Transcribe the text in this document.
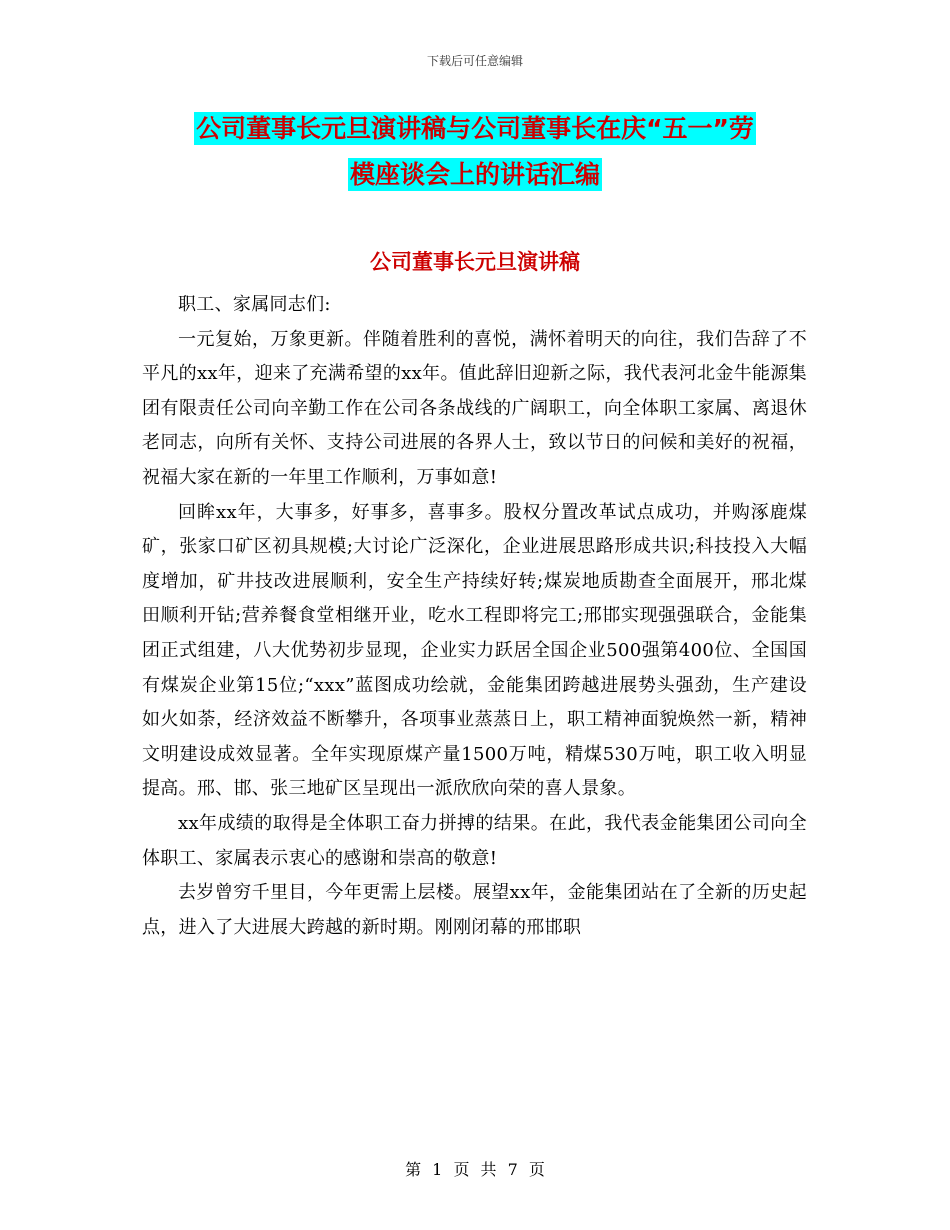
下载后可任意编辑
公司董事长元旦演讲稿与公司董事长在庆“五一”劳
模座谈会上的讲话汇编
公司董事长元旦演讲稿

职工、家属同志们:

一元复始，万象更新。伴随着胜利的喜悦，满怀着明天的向往，我们告辞了不平凡的xx年，迎来了充满希望的xx年。值此辞旧迎新之际，我代表河北金牛能源集团有限责任公司向辛勤工作在公司各条战线的广阔职工，向全体职工家属、离退休老同志，向所有关怀、支持公司进展的各界人士，致以节日的问候和美好的祝福，祝福大家在新的一年里工作顺利，万事如意!

回眸xx年，大事多，好事多，喜事多。股权分置改革试点成功，并购涿鹿煤矿，张家口矿区初具规模;大讨论广泛深化，企业进展思路形成共识;科技投入大幅度增加，矿井技改进展顺利，安全生产持续好转;煤炭地质勘查全面展开，邢北煤田顺利开钻;营养餐食堂相继开业，吃水工程即将完工;邢邯实现强强联合，金能集团正式组建，八大优势初步显现，企业实力跃居全国企业500强第400位、全国国有煤炭企业第15位;“xxx”蓝图成功绘就，金能集团跨越进展势头强劲，生产建设如火如荼，经济效益不断攀升，各项事业蒸蒸日上，职工精神面貌焕然一新，精神文明建设成效显著。全年实现原煤产量1500万吨，精煤530万吨，职工收入明显提高。邢、邯、张三地矿区呈现出一派欣欣向荣的喜人景象。

xx年成绩的取得是全体职工奋力拼搏的结果。在此，我代表金能集团公司向全体职工、家属表示衷心的感谢和崇高的敬意!

去岁曾穷千里目，今年更需上层楼。展望xx年，金能集团站在了全新的历史起点，进入了大进展大跨越的新时期。刚刚闭幕的邢邯职

第 1 页 共 7 页
